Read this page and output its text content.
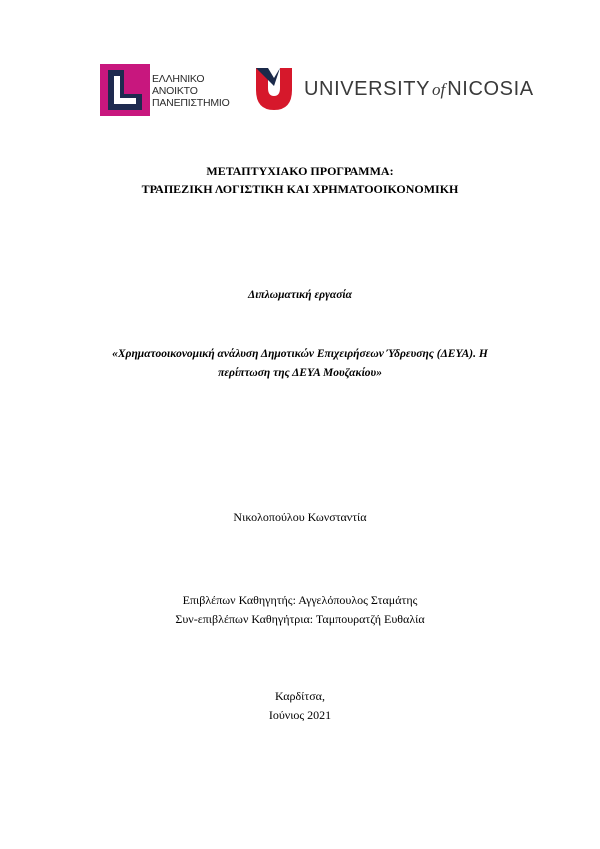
ΕΛΛΗΝΙΚΟ
ΑΝΟΙΚΤΟ
ΠΑΝΕΠΙΣΤΗΜΙΟ
UNIVERSITY of NICOSIA
ΜΕΤΑΠΤΥΧΙΑΚΟ ΠΡΟΓΡΑΜΜΑ:
ΤΡΑΠΕΖΙΚΗ ΛΟΓΙΣΤΙΚΗ ΚΑΙ ΧΡΗΜΑΤΟΟΙΚΟΝΟΜΙΚΗ
Διπλωματική εργασία
«Χρηματοοικονομική ανάλυση Δημοτικών Επιχειρήσεων Ύδρευσης (ΔΕΥΑ). Η
περίπτωση της ΔΕΥΑ Μουζακίου»
Νικολοπούλου Κωνσταντία
Επιβλέπων Καθηγητής: Αγγελόπουλος Σταμάτης
Συν-επιβλέπων Καθηγήτρια: Ταμπουρατζή Ευθαλία
Καρδίτσα,
Ιούνιος 2021
